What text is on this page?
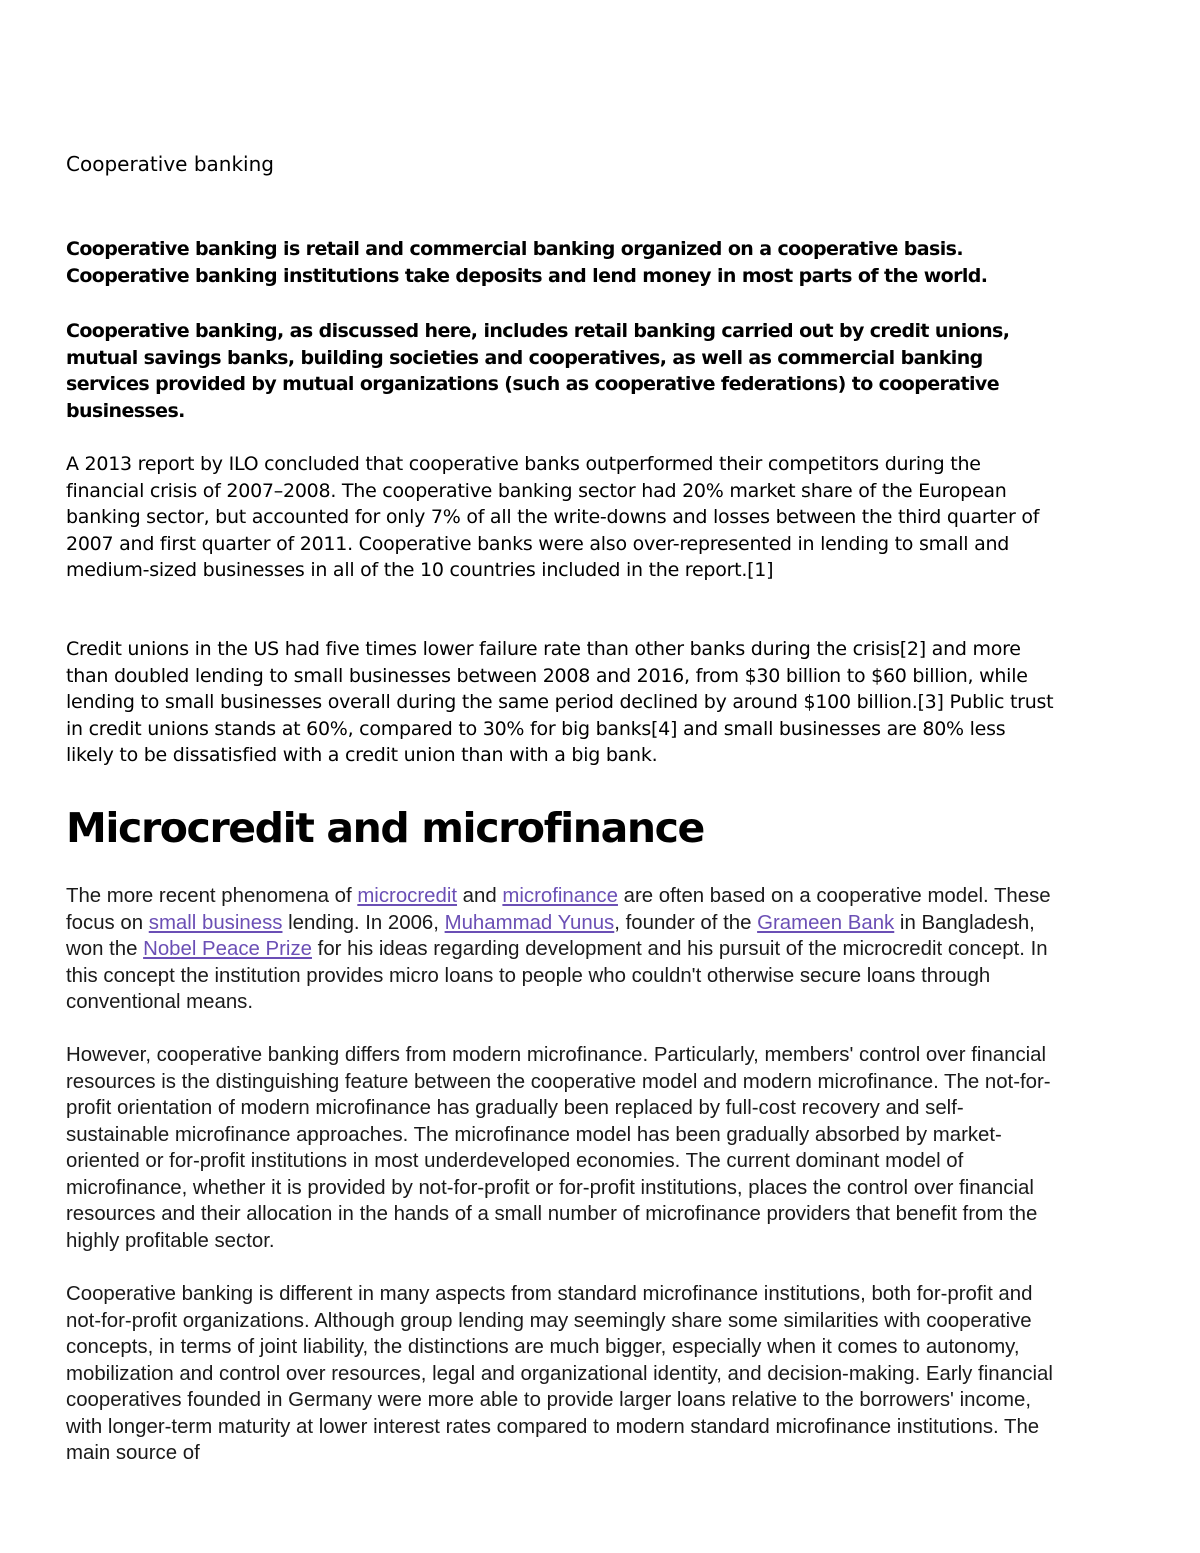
Cooperative banking

Cooperative banking is retail and commercial banking organized on a cooperative basis. Cooperative banking institutions take deposits and lend money in most parts of the world.

Cooperative banking, as discussed here, includes retail banking carried out by credit unions, mutual savings banks, building societies and cooperatives, as well as commercial banking services provided by mutual organizations (such as cooperative federations) to cooperative businesses.

A 2013 report by ILO concluded that cooperative banks outperformed their competitors during the financial crisis of 2007–2008. The cooperative banking sector had 20% market share of the European banking sector, but accounted for only 7% of all the write-downs and losses between the third quarter of 2007 and first quarter of 2011. Cooperative banks were also over-represented in lending to small and medium-sized businesses in all of the 10 countries included in the report.[1]

Credit unions in the US had five times lower failure rate than other banks during the crisis[2] and more than doubled lending to small businesses between 2008 and 2016, from $30 billion to $60 billion, while lending to small businesses overall during the same period declined by around $100 billion.[3] Public trust in credit unions stands at 60%, compared to 30% for big banks[4] and small businesses are 80% less likely to be dissatisfied with a credit union than with a big bank.

Microcredit and microfinance

The more recent phenomena of microcredit and microfinance are often based on a cooperative model. These focus on small business lending. In 2006, Muhammad Yunus, founder of the Grameen Bank in Bangladesh, won the Nobel Peace Prize for his ideas regarding development and his pursuit of the microcredit concept. In this concept the institution provides micro loans to people who couldn't otherwise secure loans through conventional means.

However, cooperative banking differs from modern microfinance. Particularly, members' control over financial resources is the distinguishing feature between the cooperative model and modern microfinance. The not-for-profit orientation of modern microfinance has gradually been replaced by full-cost recovery and self-sustainable microfinance approaches. The microfinance model has been gradually absorbed by market-oriented or for-profit institutions in most underdeveloped economies. The current dominant model of microfinance, whether it is provided by not-for-profit or for-profit institutions, places the control over financial resources and their allocation in the hands of a small number of microfinance providers that benefit from the highly profitable sector.

Cooperative banking is different in many aspects from standard microfinance institutions, both for-profit and not-for-profit organizations. Although group lending may seemingly share some similarities with cooperative concepts, in terms of joint liability, the distinctions are much bigger, especially when it comes to autonomy, mobilization and control over resources, legal and organizational identity, and decision-making. Early financial cooperatives founded in Germany were more able to provide larger loans relative to the borrowers' income, with longer-term maturity at lower interest rates compared to modern standard microfinance institutions. The main source of
